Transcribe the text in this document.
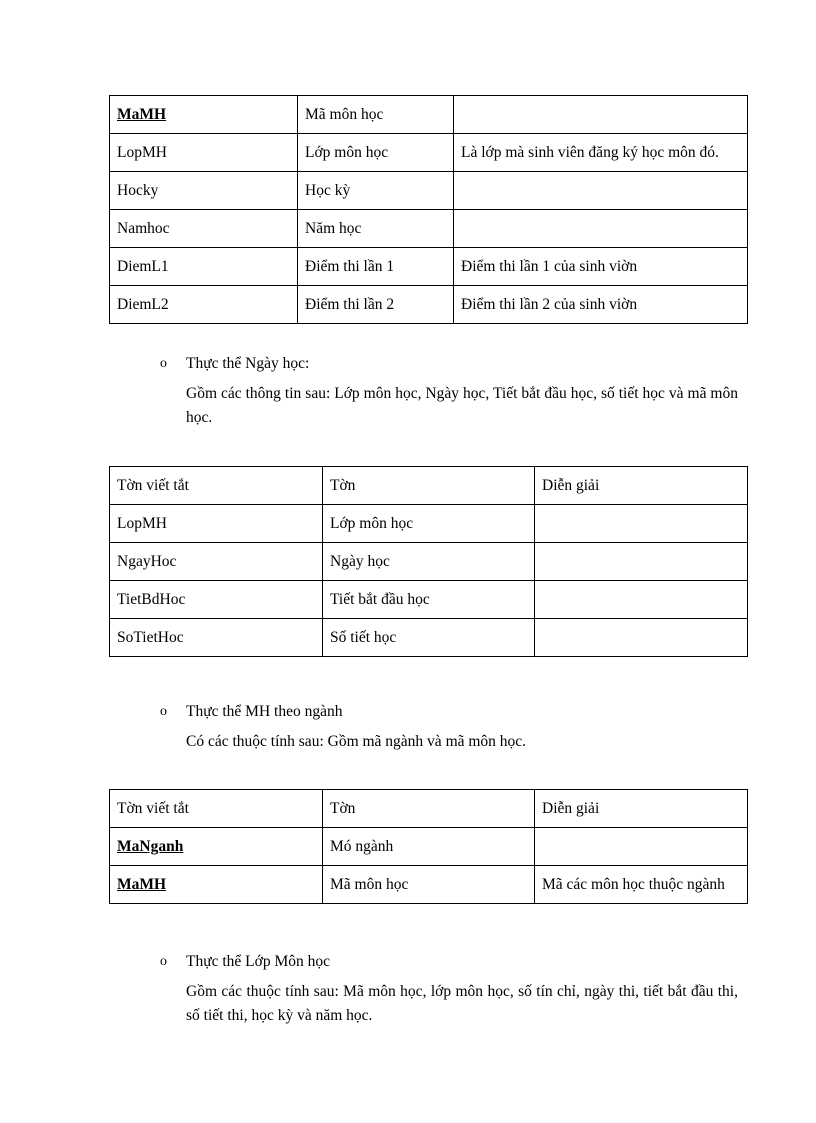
MaMH	Mã môn học	
LopMH	Lớp môn học	Là lớp mà sinh viên đăng ký học môn đó.
Hocky	Học kỳ	
Namhoc	Năm học	
DiemL1	Điểm thi lần 1	Điểm thi lần 1 của sinh viờn
DiemL2	Điểm thi lần 2	Điểm thi lần 2 của sinh viờn
o Thực thể Ngày học:
Gồm các thông tin sau: Lớp môn học, Ngày học, Tiết bắt đầu học, số tiết học và mã môn học.
Tờn viết tắt	Tờn	Diễn giải
LopMH	Lớp môn học	
NgayHoc	Ngày học	
TietBdHoc	Tiết bắt đầu học	
SoTietHoc	Số tiết học	
o Thực thể MH theo ngành
Có các thuộc tính sau: Gồm mã ngành và mã môn học.
Tờn viết tắt	Tờn	Diễn giải
MaNganh	Mó ngành	
MaMH	Mã môn học	Mã các môn học thuộc ngành
o Thực thể Lớp Môn học
Gồm các thuộc tính sau: Mã môn học, lớp môn học, số tín chỉ, ngày thi, tiết bắt đầu thi, số tiết thi, học kỳ và năm học.
